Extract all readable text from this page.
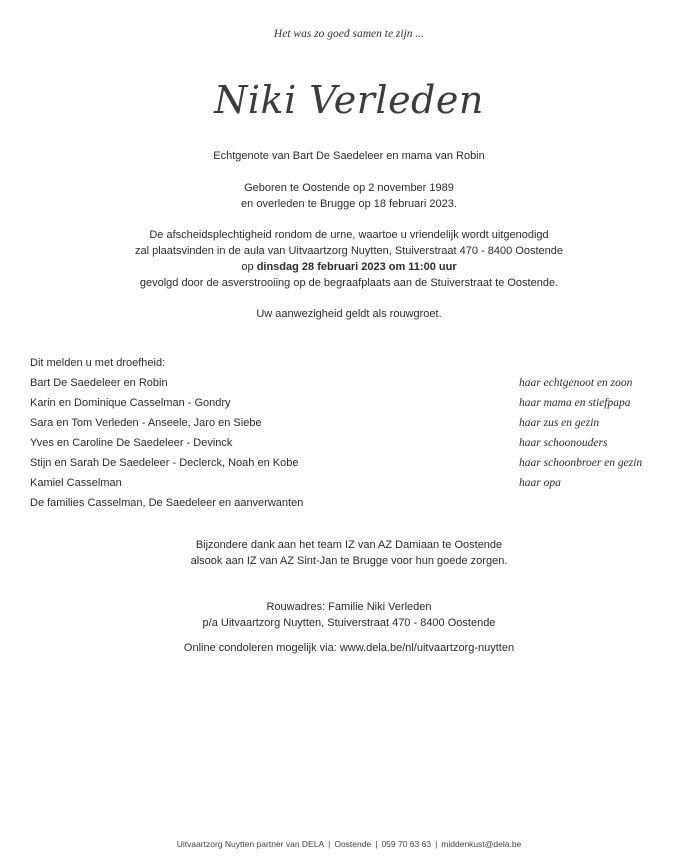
Het was zo goed samen te zijn ...
Niki Verleden
Echtgenote van Bart De Saedeleer en mama van Robin
Geboren te Oostende op 2 november 1989
en overleden te Brugge op 18 februari 2023.
De afscheidsplechtigheid rondom de urne, waartoe u vriendelijk wordt uitgenodigd
zal plaatsvinden in de aula van Uitvaartzorg Nuytten, Stuiverstraat 470 - 8400 Oostende
op dinsdag 28 februari 2023 om 11:00 uur
gevolgd door de asverstrooiing op de begraafplaats aan de Stuiverstraat te Oostende.
Uw aanwezigheid geldt als rouwgroet.
Dit melden u met droefheid:
Bart De Saedeleer en Robin	haar echtgenoot en zoon
Karin en Dominique Casselman - Gondry	haar mama en stiefpapa
Sara en Tom Verleden - Anseele, Jaro en Siebe	haar zus en gezin
Yves en Caroline De Saedeleer - Devinck	haar schoonouders
Stijn en Sarah De Saedeleer - Declerck, Noah en Kobe	haar schoonbroer en gezin
Kamiel Casselman	haar opa
De families Casselman, De Saedeleer en aanverwanten
Bijzondere dank aan het team IZ van AZ Damiaan te Oostende
alsook aan IZ van AZ Sint-Jan te Brugge voor hun goede zorgen.
Rouwadres: Familie Niki Verleden
p/a Uitvaartzorg Nuytten, Stuiverstraat 470 - 8400 Oostende
Online condoleren mogelijk via: www.dela.be/nl/uitvaartzorg-nuytten
Uitvaartzorg Nuytten partner van DELA | Oostende | 059 70 63 63 | middenkust@dela.be
